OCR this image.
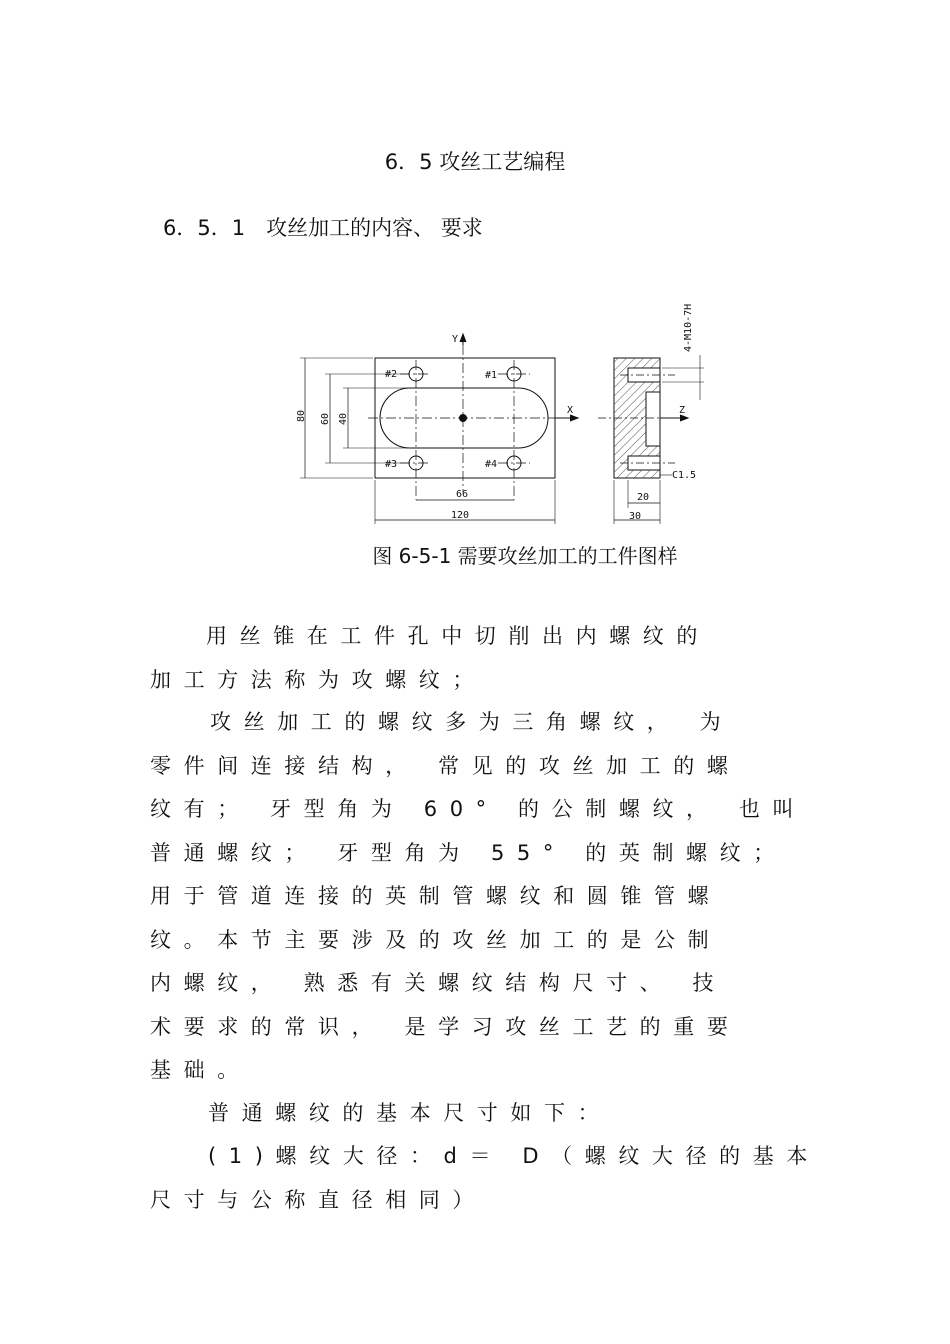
6．5 攻丝工艺编程
6．5．1　攻丝加工的内容、 要求
Y
X	Z
#1
#2
#3	#4
80 60 40
66
120
20
30
C1.5
4-M10-7H
图 6-5-1 需要攻丝加工的工件图样
用丝锥在工件孔中切削出内螺纹的
加工方法称为攻螺纹；
攻丝加工的螺纹多为三角螺纹， 为
零件间连接结构， 常见的攻丝加工的螺
纹有； 牙型角为 60° 的公制螺纹， 也叫
普通螺纹； 牙型角为 55° 的英制螺纹；
用于管道连接的英制管螺纹和圆锥管螺
纹。本节主要涉及的攻丝加工的是公制
内螺纹， 熟悉有关螺纹结构尺寸、 技
术要求的常识， 是学习攻丝工艺的重要
基础。
普通螺纹的基本尺寸如下：
(1)螺纹大径：d＝ D（螺纹大径的基本
尺寸与公称直径相同）
